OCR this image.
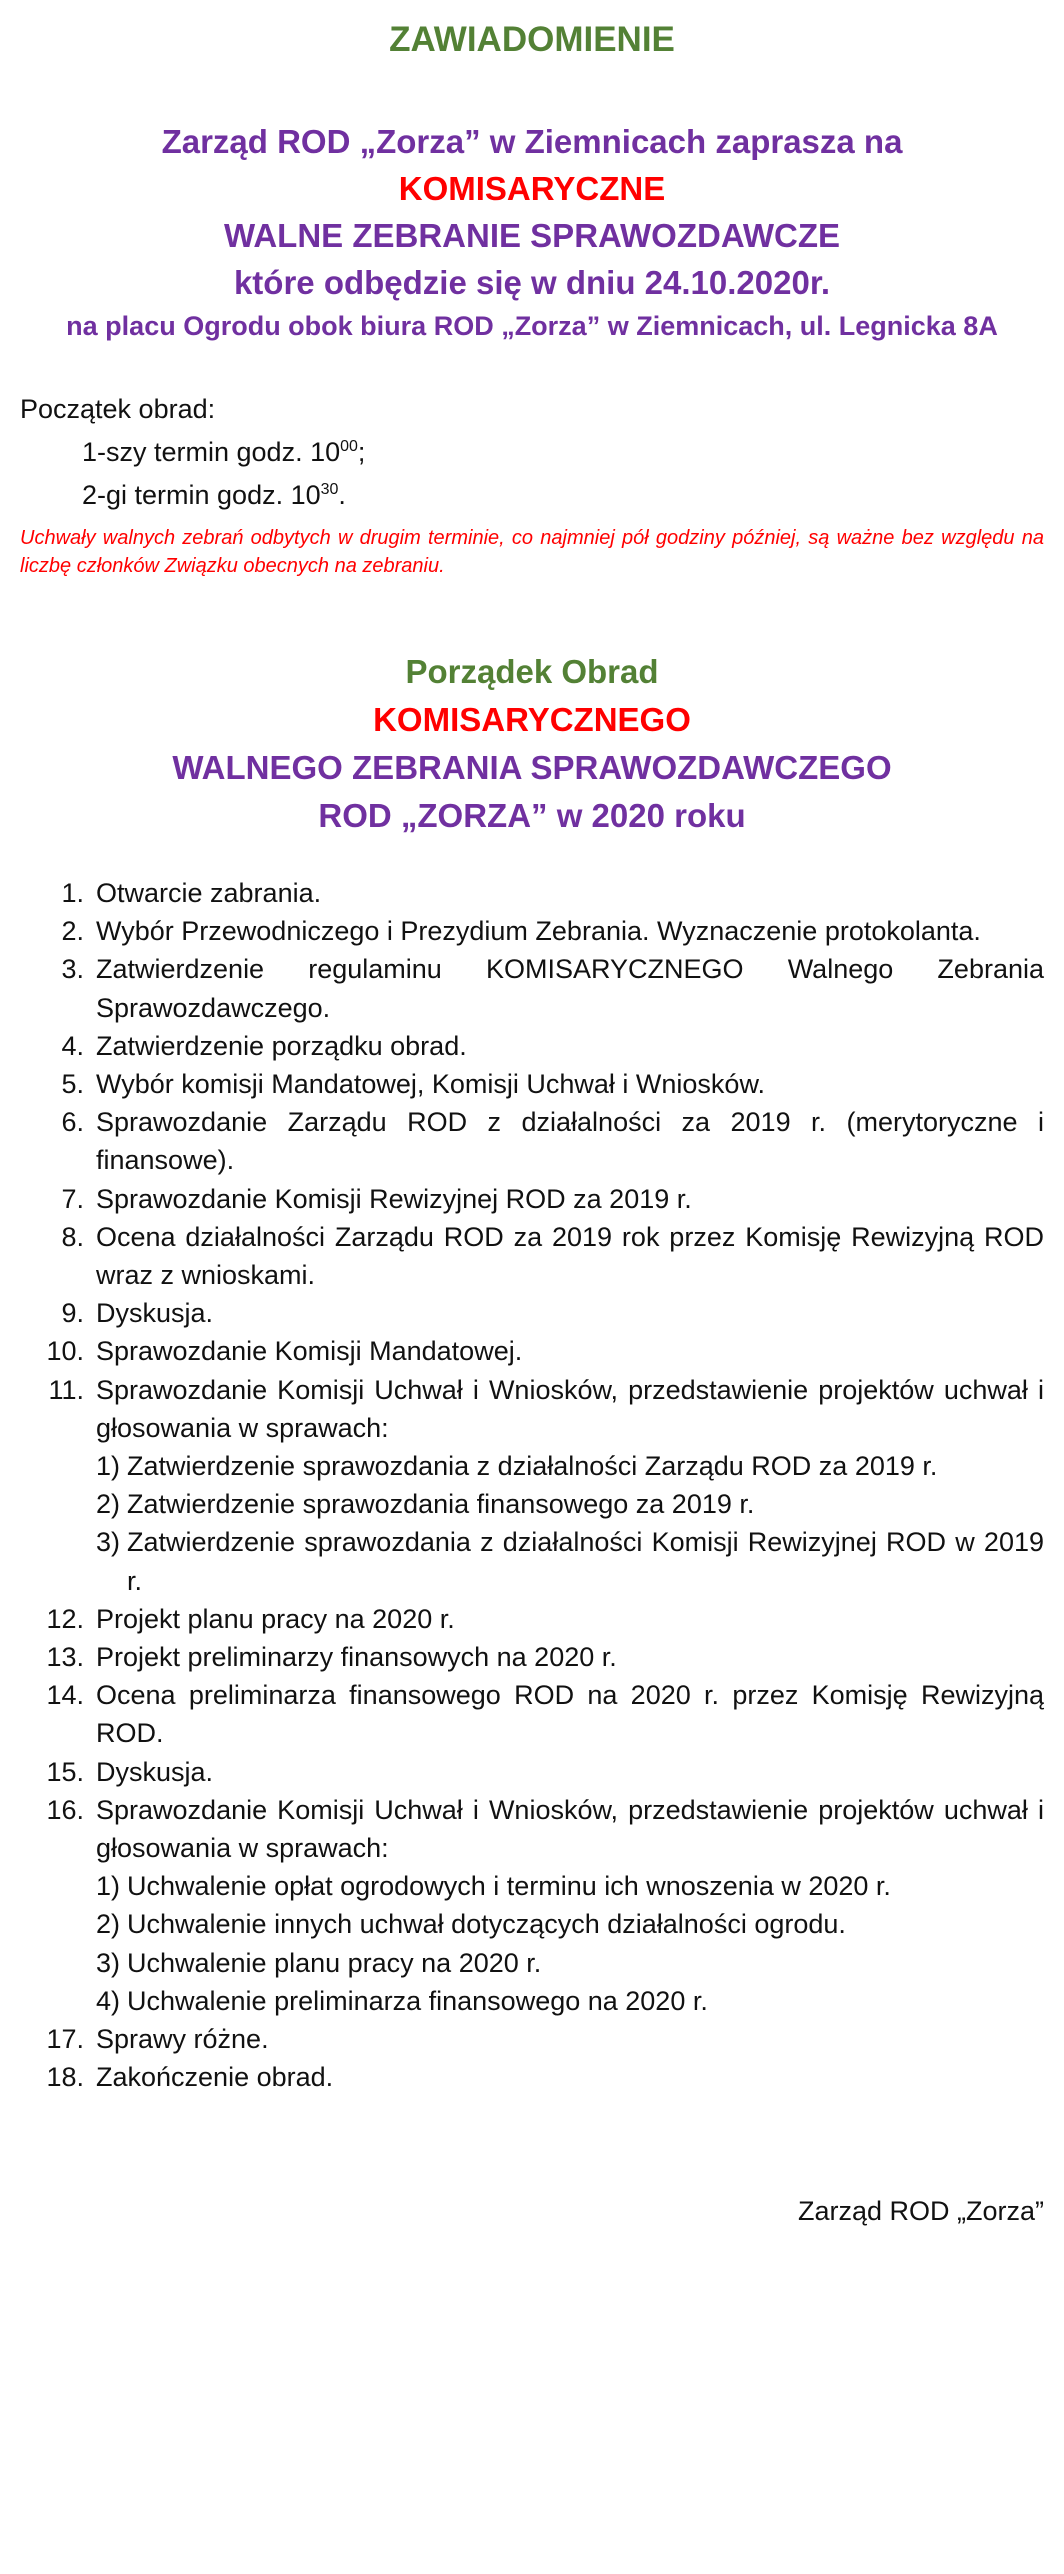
ZAWIADOMIENIE
Zarząd ROD „Zorza” w Ziemnicach zaprasza na
KOMISARYCZNE
WALNE ZEBRANIE SPRAWOZDAWCZE
które odbędzie się w dniu 24.10.2020r.
na placu Ogrodu obok biura ROD „Zorza” w Ziemnicach, ul. Legnicka 8A
Początek obrad:
1-szy termin godz. $10^{00}$;
2-gi termin godz. $10^{30}$.
Uchwały walnych zebrań odbytych w drugim terminie, co najmniej pół godziny później, są ważne bez względu na liczbę członków Związku obecnych na zebraniu.
Porządek Obrad
KOMISARYCZNEGO
WALNEGO ZEBRANIA SPRAWOZDAWCZEGO
ROD „ZORZA” w 2020 roku
1. Otwarcie zabrania.
2. Wybór Przewodniczego i Prezydium Zebrania. Wyznaczenie protokolanta.
3. Zatwierdzenie regulaminu KOMISARYCZNEGO Walnego Zebrania Sprawozdawczego.
4. Zatwierdzenie porządku obrad.
5. Wybór komisji Mandatowej, Komisji Uchwał i Wniosków.
6. Sprawozdanie Zarządu ROD z działalności za 2019 r. (merytoryczne i finansowe).
7. Sprawozdanie Komisji Rewizyjnej ROD za 2019 r.
8. Ocena działalności Zarządu ROD za 2019 rok przez Komisję Rewizyjną ROD wraz z wnioskami.
9. Dyskusja.
10. Sprawozdanie Komisji Mandatowej.
11. Sprawozdanie Komisji Uchwał i Wniosków, przedstawienie projektów uchwał i głosowania w sprawach:
1) Zatwierdzenie sprawozdania z działalności Zarządu ROD za 2019 r.
2) Zatwierdzenie sprawozdania finansowego za 2019 r.
3) Zatwierdzenie sprawozdania z działalności Komisji Rewizyjnej ROD w 2019 r.
12. Projekt planu pracy na 2020 r.
13. Projekt preliminarzy finansowych na 2020 r.
14. Ocena preliminarza finansowego ROD na 2020 r. przez Komisję Rewizyjną ROD.
15. Dyskusja.
16. Sprawozdanie Komisji Uchwał i Wniosków, przedstawienie projektów uchwał i głosowania w sprawach:
1) Uchwalenie opłat ogrodowych i terminu ich wnoszenia w 2020 r.
2) Uchwalenie innych uchwał dotyczących działalności ogrodu.
3) Uchwalenie planu pracy na 2020 r.
4) Uchwalenie preliminarza finansowego na 2020 r.
17. Sprawy różne.
18. Zakończenie obrad.
Zarząd ROD „Zorza”
